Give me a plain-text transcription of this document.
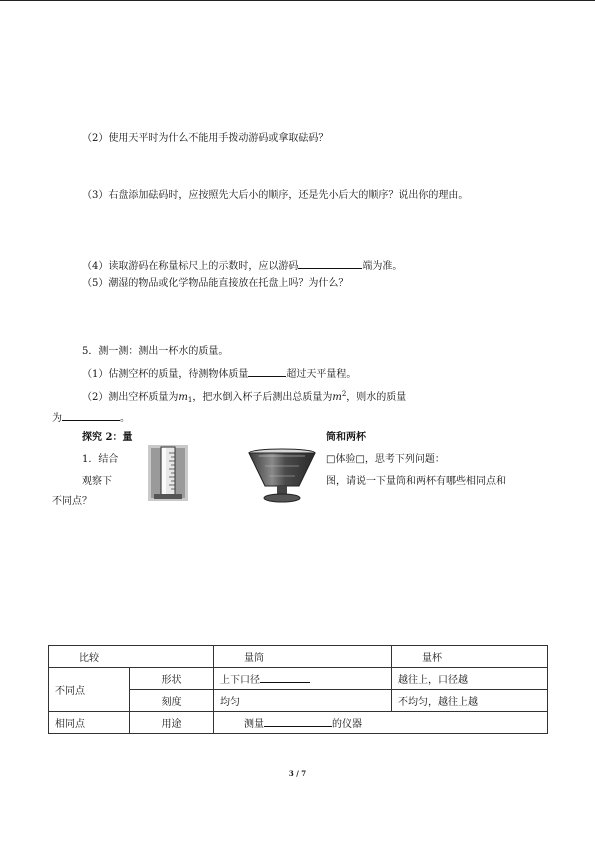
（2）使用天平时为什么不能用手拨动游码或拿取砝码？
（3）右盘添加砝码时，应按照先大后小的顺序，还是先小后大的顺序？说出你的理由。
（4）读取游码在称量标尺上的示数时，应以游码	端为准。
（5）潮湿的物品或化学物品能直接放在托盘上吗？为什么？
5．测一测：测出一杯水的质量。
（1）估测空杯的质量，待测物体质量	超过天平量程。
（2）测出空杯质量为$m_1$，把水倒入杯子后测出总质量为$m^2$，则水的质量
为	。
探究 2：量	筒和两杯
1．结合	□体验□，思考下列问题：
观察下	图，请说一下量筒和两杯有哪些相同点和
不同点？
比较		量筒	量杯
不同点	形状	上下口径	越往上，口径越
	刻度	均匀	不均匀，越往上越
相同点	用途	测量 的仪器	
3 / 7
